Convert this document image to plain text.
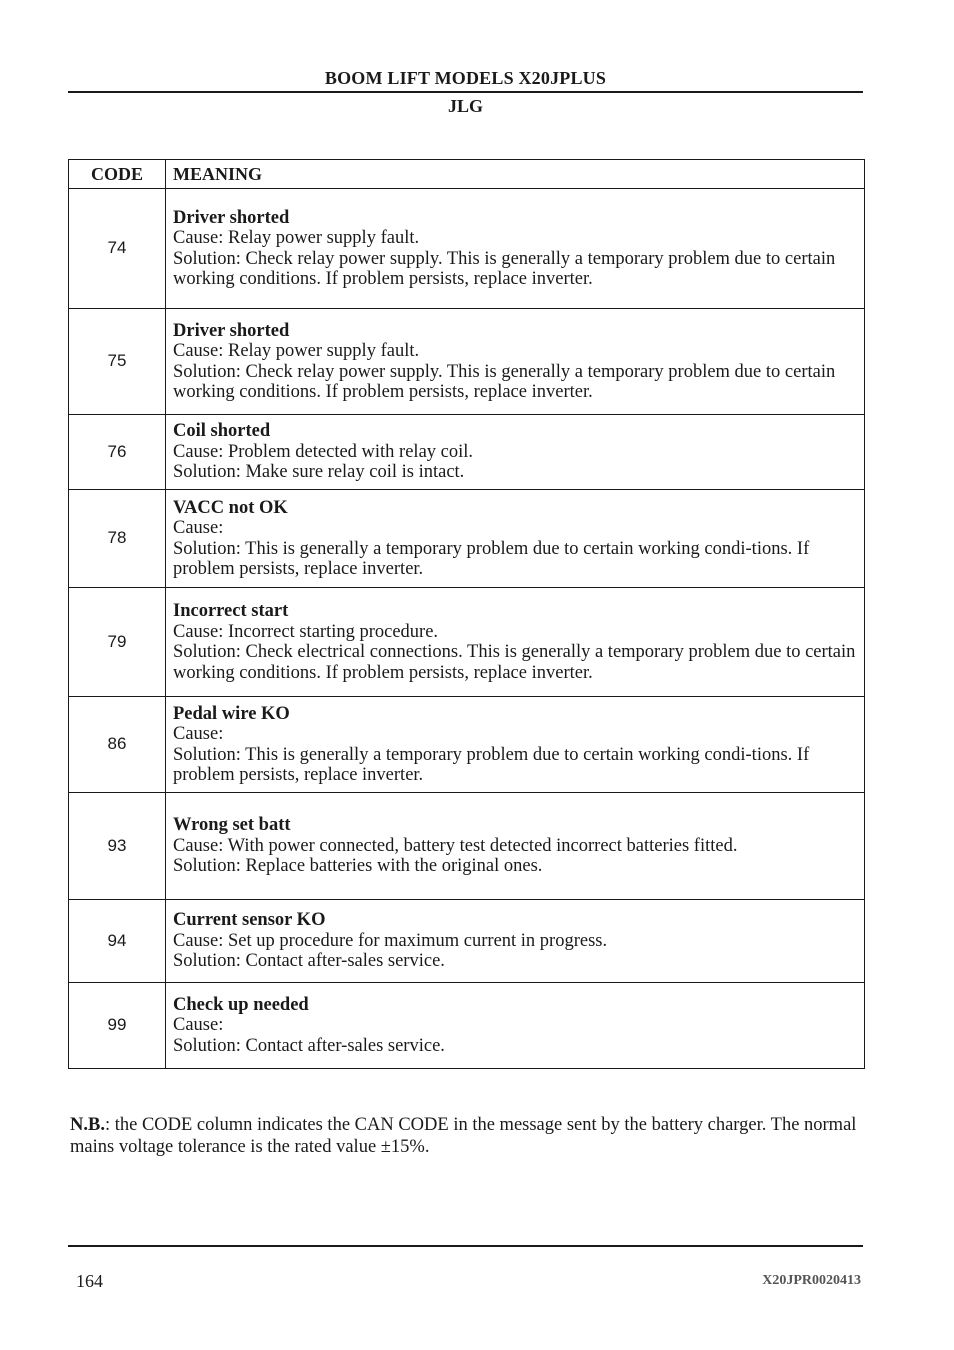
BOOM LIFT MODELS X20JPLUS
JLG
CODE	MEANING
74	Driver shorted
Cause: Relay power supply fault.
Solution: Check relay power supply. This is generally a temporary problem due to certain working conditions. If problem persists, replace inverter.

75	Driver shorted
Cause: Relay power supply fault.
Solution: Check relay power supply. This is generally a temporary problem due to certain working conditions. If problem persists, replace inverter.

76	Coil shorted
Cause: Problem detected with relay coil.
Solution: Make sure relay coil is intact.

78	VACC not OK
Cause:
Solution: This is generally a temporary problem due to certain working condi-tions. If problem persists, replace inverter.

79	Incorrect start
Cause: Incorrect starting procedure.
Solution: Check electrical connections. This is generally a temporary problem due to certain working conditions. If problem persists, replace inverter.

86	Pedal wire KO
Cause:
Solution: This is generally a temporary problem due to certain working condi-tions. If problem persists, replace inverter.

93	Wrong set batt
Cause: With power connected, battery test detected incorrect batteries fitted.
Solution: Replace batteries with the original ones.

94	Current sensor KO
Cause: Set up procedure for maximum current in progress.
Solution: Contact after-sales service.

99	Check up needed
Cause:
Solution: Contact after-sales service.
N.B.: the CODE column indicates the CAN CODE in the message sent by the battery charger. The normal mains voltage tolerance is the rated value ±15%.
164	X20JPR0020413
